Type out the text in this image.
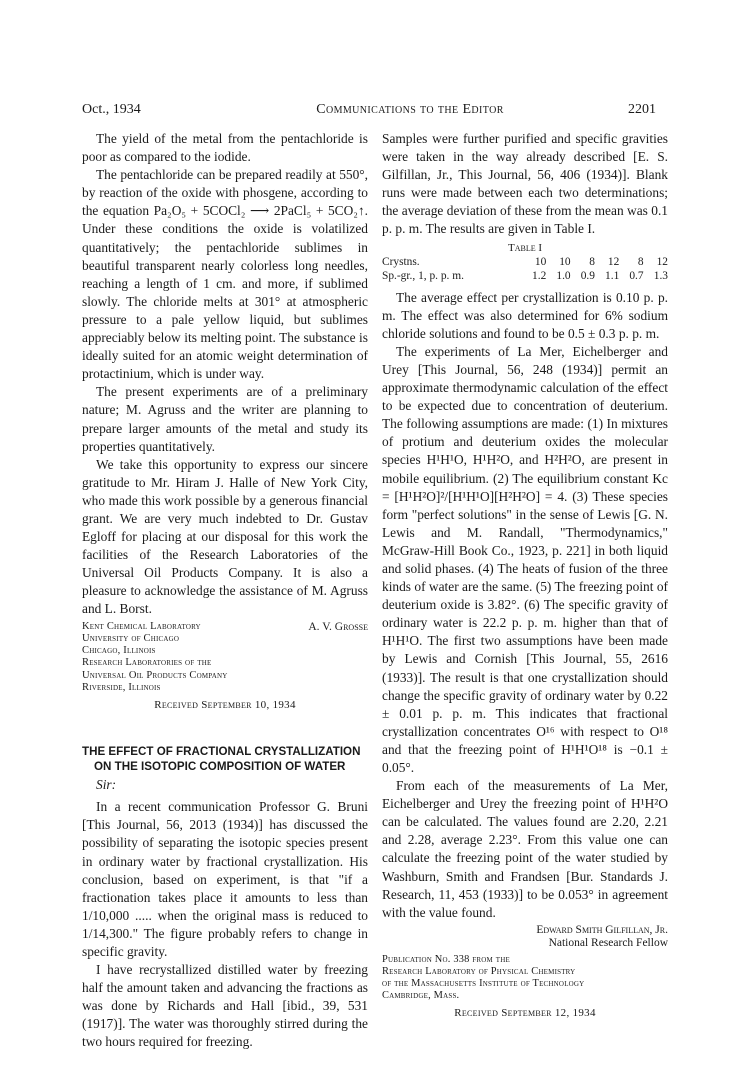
Oct., 1934	Communications to the Editor	2201

The yield of the metal from the pentachloride is poor as compared to the iodide.

The pentachloride can be prepared readily at 550°, by reaction of the oxide with phosgene, according to the equation Pa₂O₅ + 5COCl₂ ⟶ 2PaCl₅ + 5CO₂↑. Under these conditions the oxide is volatilized quantitatively; the pentachloride sublimes in beautiful transparent nearly colorless long needles, reaching a length of 1 cm. and more, if sublimed slowly. The chloride melts at 301° at atmospheric pressure to a pale yellow liquid, but sublimes appreciably below its melting point. The substance is ideally suited for an atomic weight determination of protactinium, which is under way.

The present experiments are of a preliminary nature; M. Agruss and the writer are planning to prepare larger amounts of the metal and study its properties quantitatively.

We take this opportunity to express our sincere gratitude to Mr. Hiram J. Halle of New York City, who made this work possible by a generous financial grant. We are very much indebted to Dr. Gustav Egloff for placing at our disposal for this work the facilities of the Research Laboratories of the Universal Oil Products Company. It is also a pleasure to acknowledge the assistance of M. Agruss and L. Borst.

Kent Chemical Laboratory	A. V. Grosse
University of Chicago
Chicago, Illinois
Research Laboratories of the
Universal Oil Products Company
Riverside, Illinois
Received September 10, 1934

THE EFFECT OF FRACTIONAL CRYSTALLIZATION
ON THE ISOTOPIC COMPOSITION OF WATER

Sir:

In a recent communication Professor G. Bruni [This Journal, 56, 2013 (1934)] has discussed the possibility of separating the isotopic species present in ordinary water by fractional crystallization. His conclusion, based on experiment, is that "if a fractionation takes place it amounts to less than 1/10,000 ..... when the original mass is reduced to 1/14,300." The figure probably refers to change in specific gravity.

I have recrystallized distilled water by freezing half the amount taken and advancing the fractions as was done by Richards and Hall [ibid., 39, 531 (1917)]. The water was thoroughly stirred during the two hours required for freezing.

Samples were further purified and specific gravities were taken in the way already described [E. S. Gilfillan, Jr., This Journal, 56, 406 (1934)]. Blank runs were made between each two determinations; the average deviation of these from the mean was 0.1 p. p. m. The results are given in Table I.

Table I
Crystns.	10	10	8	12	8	12
Sp.-gr., 1, p. p. m.	1.2	1.0	0.9	1.1	0.7	1.3

The average effect per crystallization is 0.10 p. p. m. The effect was also determined for 6% sodium chloride solutions and found to be 0.5 ± 0.3 p. p. m.

The experiments of La Mer, Eichelberger and Urey [This Journal, 56, 248 (1934)] permit an approximate thermodynamic calculation of the effect to be expected due to concentration of deuterium. The following assumptions are made: (1) In mixtures of protium and deuterium oxides the molecular species H¹H¹O, H¹H²O, and H²H²O, are present in mobile equilibrium. (2) The equilibrium constant Kc = [H¹H²O]²/[H¹H¹O][H²H²O] = 4. (3) These species form "perfect solutions" in the sense of Lewis [G. N. Lewis and M. Randall, "Thermodynamics," McGraw-Hill Book Co., 1923, p. 221] in both liquid and solid phases. (4) The heats of fusion of the three kinds of water are the same. (5) The freezing point of deuterium oxide is 3.82°. (6) The specific gravity of ordinary water is 22.2 p. p. m. higher than that of H¹H¹O. The first two assumptions have been made by Lewis and Cornish [This Journal, 55, 2616 (1933)]. The result is that one crystallization should change the specific gravity of ordinary water by 0.22 ± 0.01 p. p. m. This indicates that fractional crystallization concentrates O¹⁶ with respect to O¹⁸ and that the freezing point of H¹H¹O¹⁸ is −0.1 ± 0.05°.

From each of the measurements of La Mer, Eichelberger and Urey the freezing point of H¹H²O can be calculated. The values found are 2.20, 2.21 and 2.28, average 2.23°. From this value one can calculate the freezing point of the water studied by Washburn, Smith and Frandsen [Bur. Standards J. Research, 11, 453 (1933)] to be 0.053° in agreement with the value found.

Edward Smith Gilfillan, Jr.
National Research Fellow
Publication No. 338 from the
Research Laboratory of Physical Chemistry
of the Massachusetts Institute of Technology
Cambridge, Mass.
Received September 12, 1934
